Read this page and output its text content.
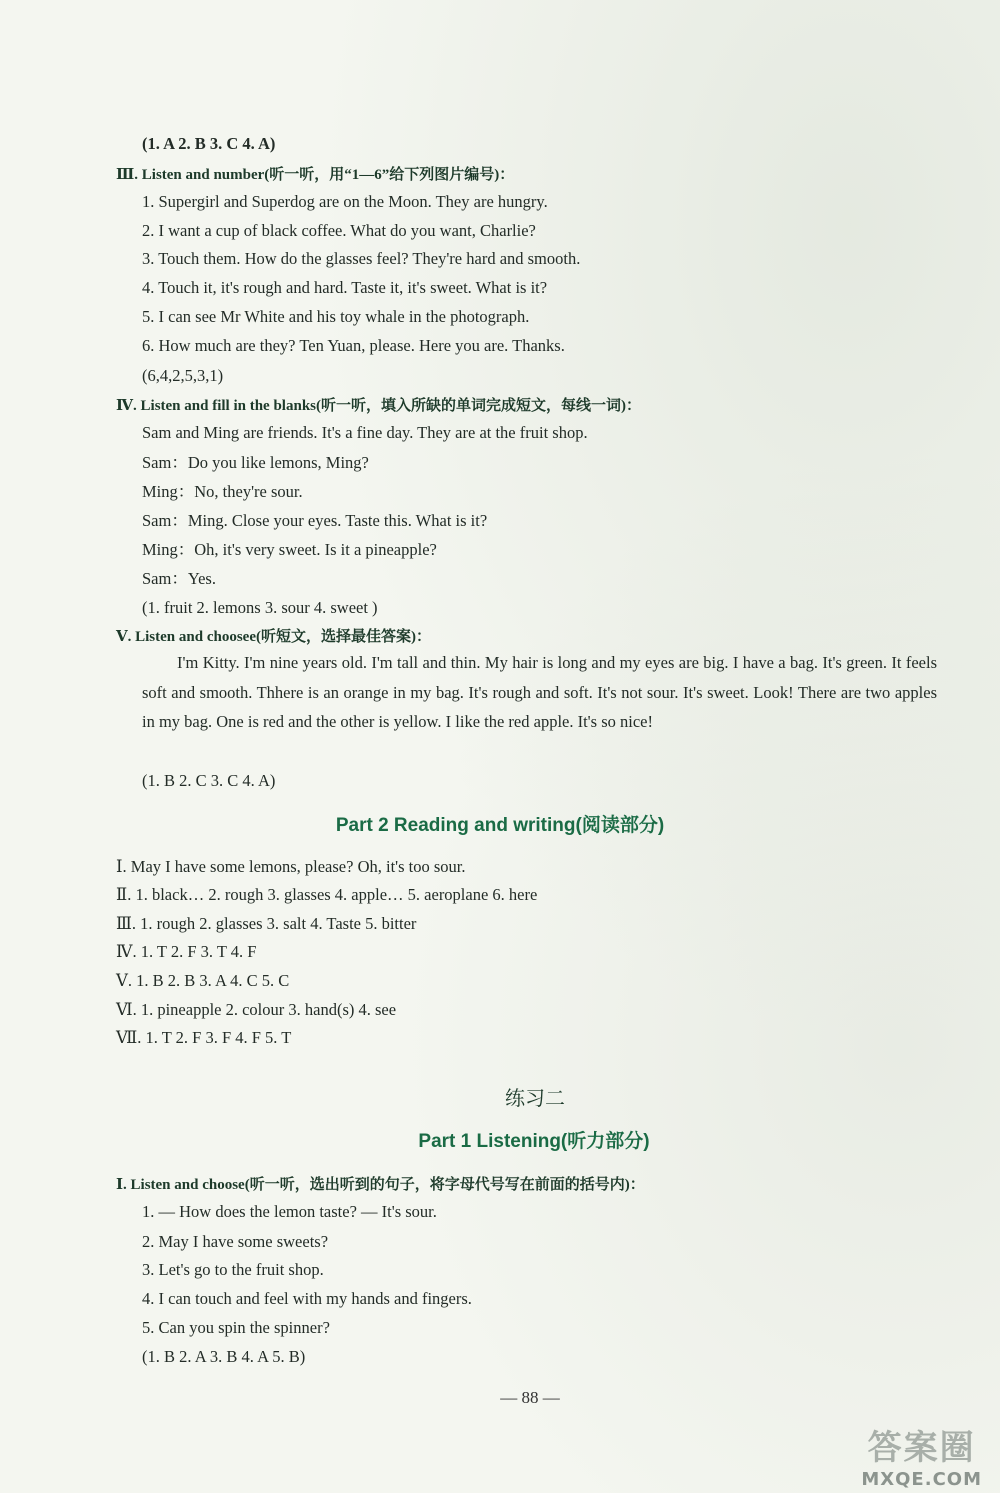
(1. A 2. B 3. C 4. A)
Ⅲ. Listen and number(听一听，用“1—6”给下列图片编号)：
1. Supergirl and Superdog are on the Moon. They are hungry.
2. I want a cup of black coffee. What do you want, Charlie?
3. Touch them. How do the glasses feel? They're hard and smooth.
4. Touch it, it's rough and hard. Taste it, it's sweet. What is it?
5. I can see Mr White and his toy whale in the photograph.
6. How much are they? Ten Yuan, please. Here you are. Thanks.
(6,4,2,5,3,1)
Ⅳ. Listen and fill in the blanks(听一听，填入所缺的单词完成短文，每线一词)：
Sam and Ming are friends. It's a fine day. They are at the fruit shop.
Sam：Do you like lemons, Ming?
Ming：No, they're sour.
Sam：Ming. Close your eyes. Taste this. What is it?
Ming：Oh, it's very sweet. Is it a pineapple?
Sam：Yes.
(1. fruit 2. lemons 3. sour 4. sweet )
Ⅴ. Listen and choosee(听短文，选择最佳答案)：
I'm Kitty. I'm nine years old. I'm tall and thin. My hair is long and my eyes are big. I have a bag. It's green. It feels soft and smooth. Thhere is an orange in my bag. It's rough and soft. It's not sour. It's sweet. Look! There are two apples in my bag. One is red and the other is yellow. I like the red apple. It's so nice!
(1. B 2. C 3. C 4. A)
Part 2 Reading and writing(阅读部分)
Ⅰ. May I have some lemons, please? Oh, it's too sour.
Ⅱ. 1. black… 2. rough 3. glasses 4. apple… 5. aeroplane 6. here
Ⅲ. 1. rough 2. glasses 3. salt 4. Taste 5. bitter
Ⅳ. 1. T 2. F 3. T 4. F
Ⅴ. 1. B 2. B 3. A 4. C 5. C
Ⅵ. 1. pineapple 2. colour 3. hand(s) 4. see
Ⅶ. 1. T 2. F 3. F 4. F 5. T
练习二
Part 1 Listening(听力部分)
Ⅰ. Listen and choose(听一听，选出听到的句子，将字母代号写在前面的括号内)：
1. — How does the lemon taste? — It's sour.
2. May I have some sweets?
3. Let's go to the fruit shop.
4. I can touch and feel with my hands and fingers.
5. Can you spin the spinner?
(1. B 2. A 3. B 4. A 5. B)
— 88 —
答案圈
MXQE.COM
